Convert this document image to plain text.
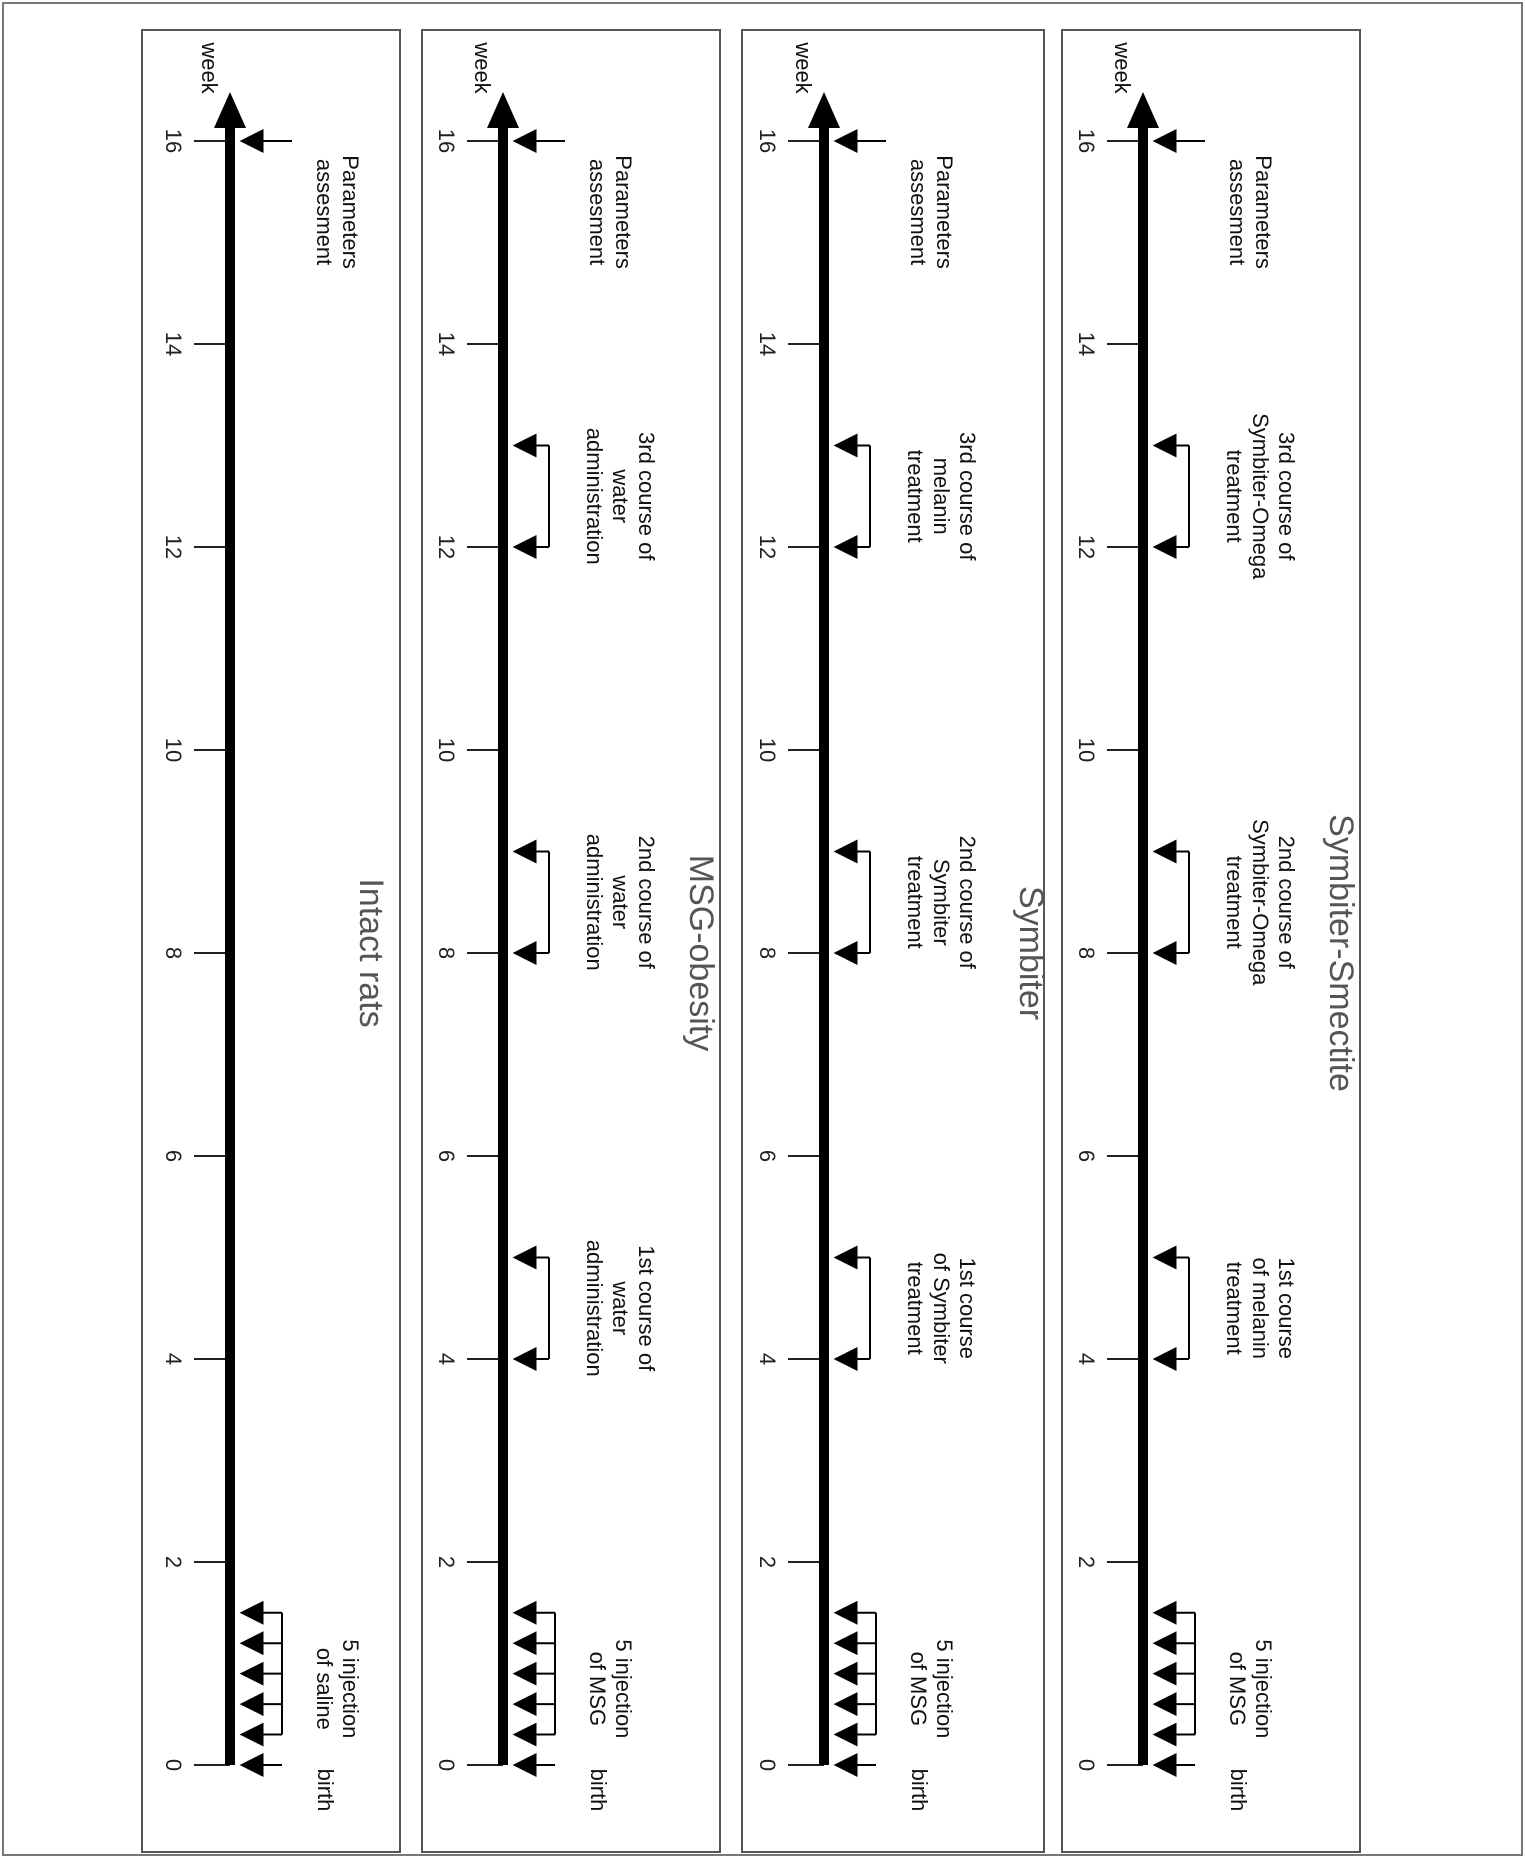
0
2
4
6
8
10
12
14
16
week
birth
5 injectionof saline
Parametersassesment
Intact rats
0
2
4
6
8
10
12
14
16
week
birth
5 injectionof MSG
1st course ofwateradministration
2nd course ofwateradministration
3rd course ofwateradministration
Parametersassesment
MSG-obesity
0
2
4
6
8
10
12
14
16
week
birth
5 injectionof MSG
1st courseof Symbitertreatment
2nd course ofSymbitertreatment
3rd course ofmelanintreatment
Parametersassesment
Symbiter
0
2
4
6
8
10
12
14
16
week
birth
5 injectionof MSG
1st courseof melanintreatment
2nd course ofSymbiter-Omegatreatment
3rd course ofSymbiter-Omegatreatment
Parametersassesment
Symbiter-Smectite
